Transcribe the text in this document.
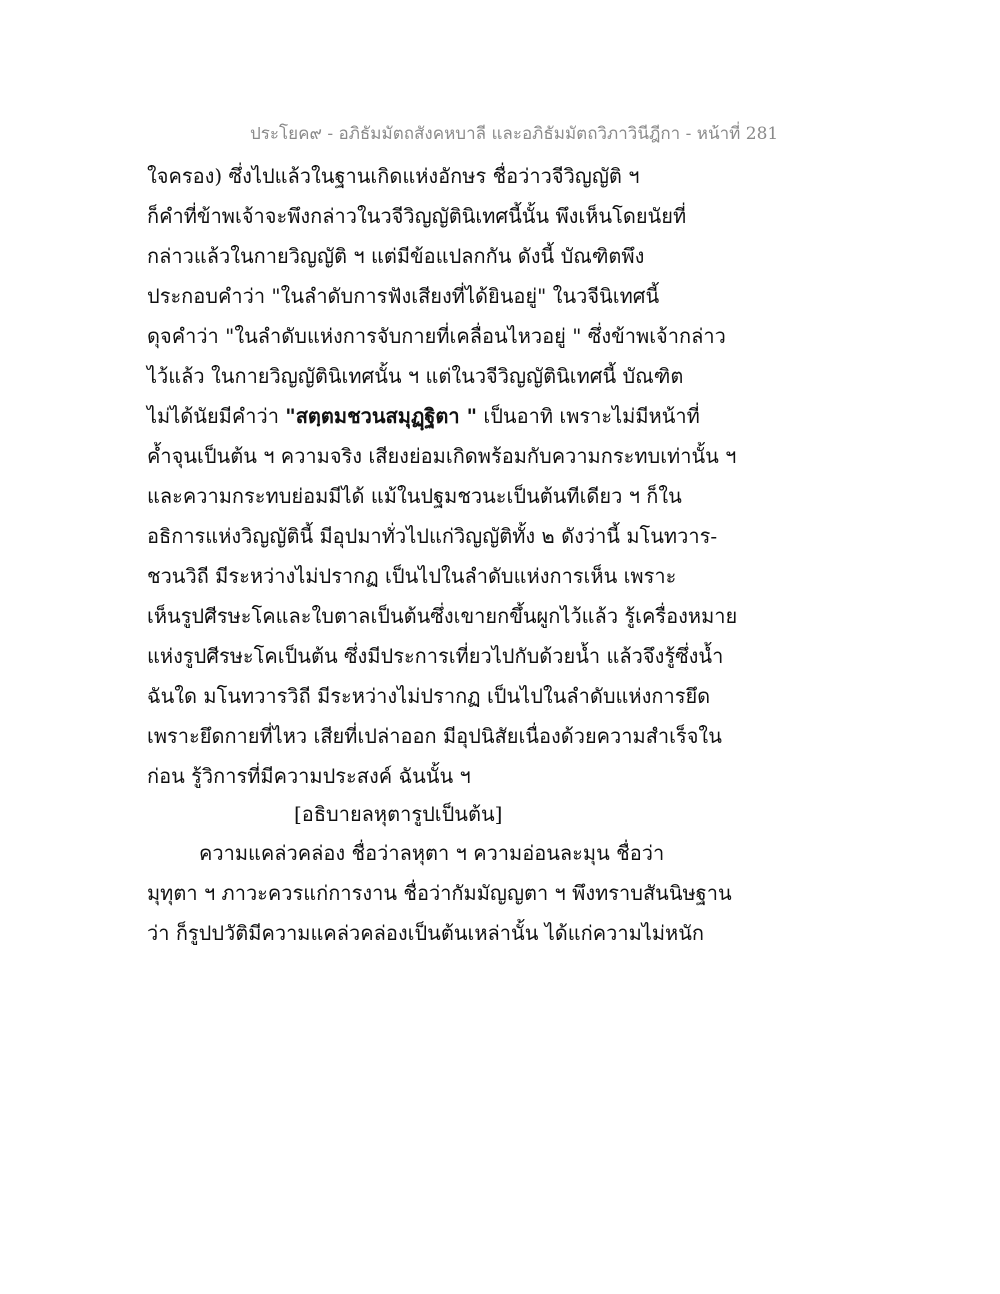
ประโยค๙ - อภิธัมมัตถสังคหบาลี และอภิธัมมัตถวิภาวินีฎีกา - หน้าที่ 281
ใจครอง) ซึ่งไปแล้วในฐานเกิดแห่งอักษร ชื่อว่าวจีวิญญัติ ฯ
ก็คำที่ข้าพเจ้าจะพึงกล่าวในวจีวิญญัตินิเทศนี้นั้น พึงเห็นโดยนัยที่
กล่าวแล้วในกายวิญญัติ ฯ แต่มีข้อแปลกกัน ดังนี้ บัณฑิตพึง
ประกอบคำว่า "ในลำดับการฟังเสียงที่ได้ยินอยู่" ในวจีนิเทศนี้
ดุจคำว่า "ในลำดับแห่งการจับกายที่เคลื่อนไหวอยู่ " ซึ่งข้าพเจ้ากล่าว
ไว้แล้ว ในกายวิญญัตินิเทศนั้น ฯ แต่ในวจีวิญญัตินิเทศนี้ บัณฑิต
ไม่ได้นัยมีคำว่า "สตฺตมชวนสมุฏฺฐิตา " เป็นอาทิ เพราะไม่มีหน้าที่
ค้ำจุนเป็นต้น ฯ ความจริง เสียงย่อมเกิดพร้อมกับความกระทบเท่านั้น ฯ
และความกระทบย่อมมีได้ แม้ในปฐมชวนะเป็นต้นทีเดียว ฯ ก็ใน
อธิการแห่งวิญญัตินี้ มีอุปมาทั่วไปแก่วิญญัติทั้ง ๒ ดังว่านี้ มโนทวาร-
ชวนวิถี มีระหว่างไม่ปรากฏ เป็นไปในลำดับแห่งการเห็น เพราะ
เห็นรูปศีรษะโคและใบตาลเป็นต้นซึ่งเขายกขึ้นผูกไว้แล้ว รู้เครื่องหมาย
แห่งรูปศีรษะโคเป็นต้น ซึ่งมีประการเที่ยวไปกับด้วยน้ำ แล้วจึงรู้ซึ่งน้ำ
ฉันใด มโนทวารวิถี มีระหว่างไม่ปรากฏ เป็นไปในลำดับแห่งการยึด
เพราะยึดกายที่ไหว เสียที่เปล่าออก มีอุปนิสัยเนื่องด้วยความสำเร็จใน
ก่อน รู้วิการที่มีความประสงค์ ฉันนั้น ฯ
[อธิบายลหุตารูปเป็นต้น]
ความแคล่วคล่อง ชื่อว่าลหุตา ฯ ความอ่อนละมุน ชื่อว่า
มุทุตา ฯ ภาวะควรแก่การงาน ชื่อว่ากัมมัญญตา ฯ พึงทราบสันนิษฐาน
ว่า ก็รูปปวัติมีความแคล่วคล่องเป็นต้นเหล่านั้น ได้แก่ความไม่หนัก
